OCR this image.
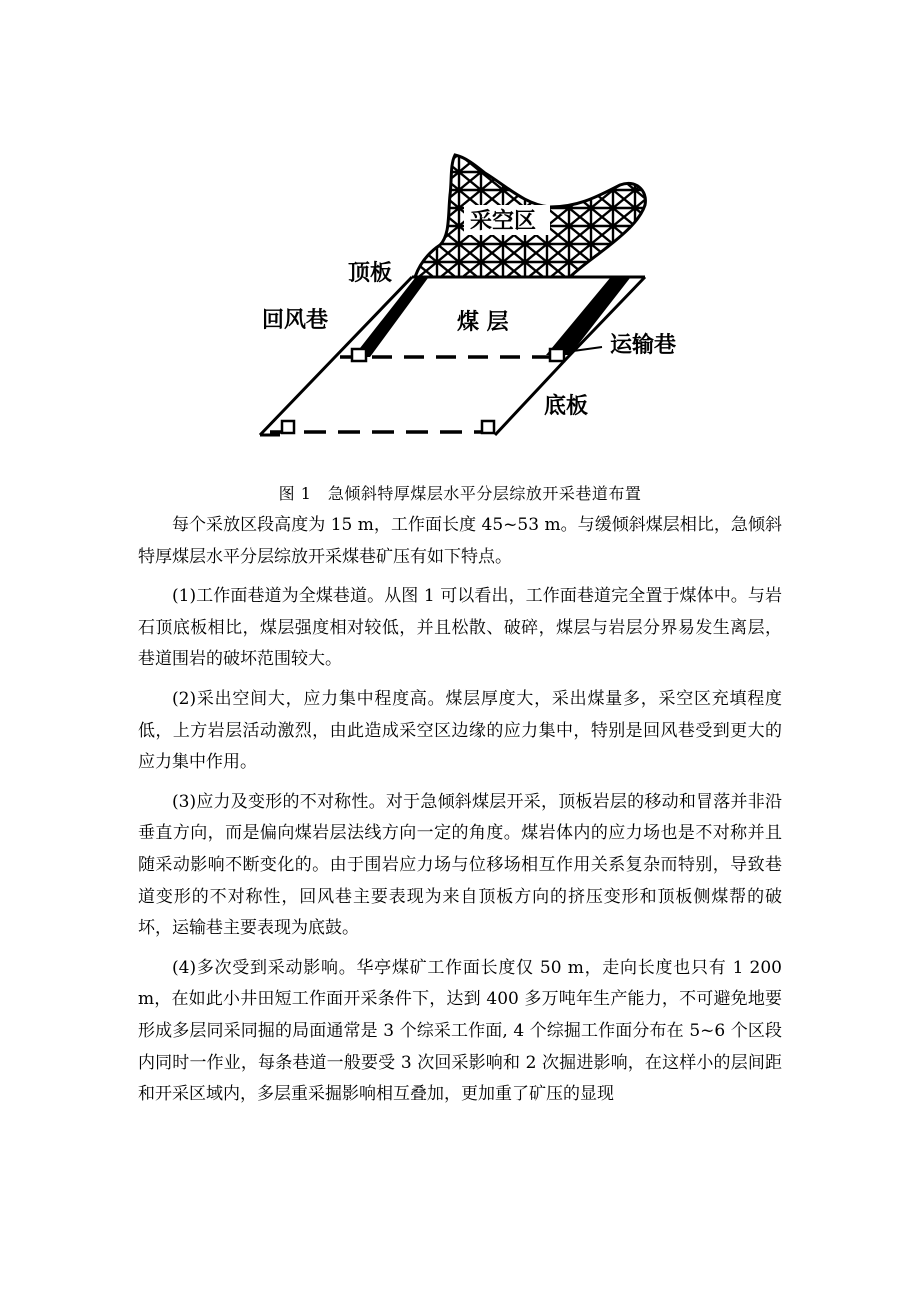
采空区
顶板
回风巷	煤 层
运输巷
底板
图 1　急倾斜特厚煤层水平分层综放开采巷道布置

每个采放区段高度为 15 m，工作面长度 45~53 m。与缓倾斜煤层相比，急倾斜特厚煤层水平分层综放开采煤巷矿压有如下特点。

(1)工作面巷道为全煤巷道。从图 1 可以看出，工作面巷道完全置于煤体中。与岩石顶底板相比，煤层强度相对较低，并且松散、破碎，煤层与岩层分界易发生离层，巷道围岩的破坏范围较大。

(2)采出空间大，应力集中程度高。煤层厚度大，采出煤量多，采空区充填程度低，上方岩层活动激烈，由此造成采空区边缘的应力集中，特别是回风巷受到更大的应力集中作用。

(3)应力及变形的不对称性。对于急倾斜煤层开采，顶板岩层的移动和冒落并非沿垂直方向，而是偏向煤岩层法线方向一定的角度。煤岩体内的应力场也是不对称并且随采动影响不断变化的。由于围岩应力场与位移场相互作用关系复杂而特别，导致巷道变形的不对称性，回风巷主要表现为来自顶板方向的挤压变形和顶板侧煤帮的破坏，运输巷主要表现为底鼓。

(4)多次受到采动影响。华亭煤矿工作面长度仅 50 m，走向长度也只有 1 200 m，在如此小井田短工作面开采条件下，达到 400 多万吨年生产能力，不可避免地要形成多层同采同掘的局面通常是 3 个综采工作面, 4 个综掘工作面分布在 5~6 个区段内同时一作业，每条巷道一般要受 3 次回采影响和 2 次掘进影响，在这样小的层间距和开采区域内，多层重采掘影响相互叠加，更加重了矿压的显现
